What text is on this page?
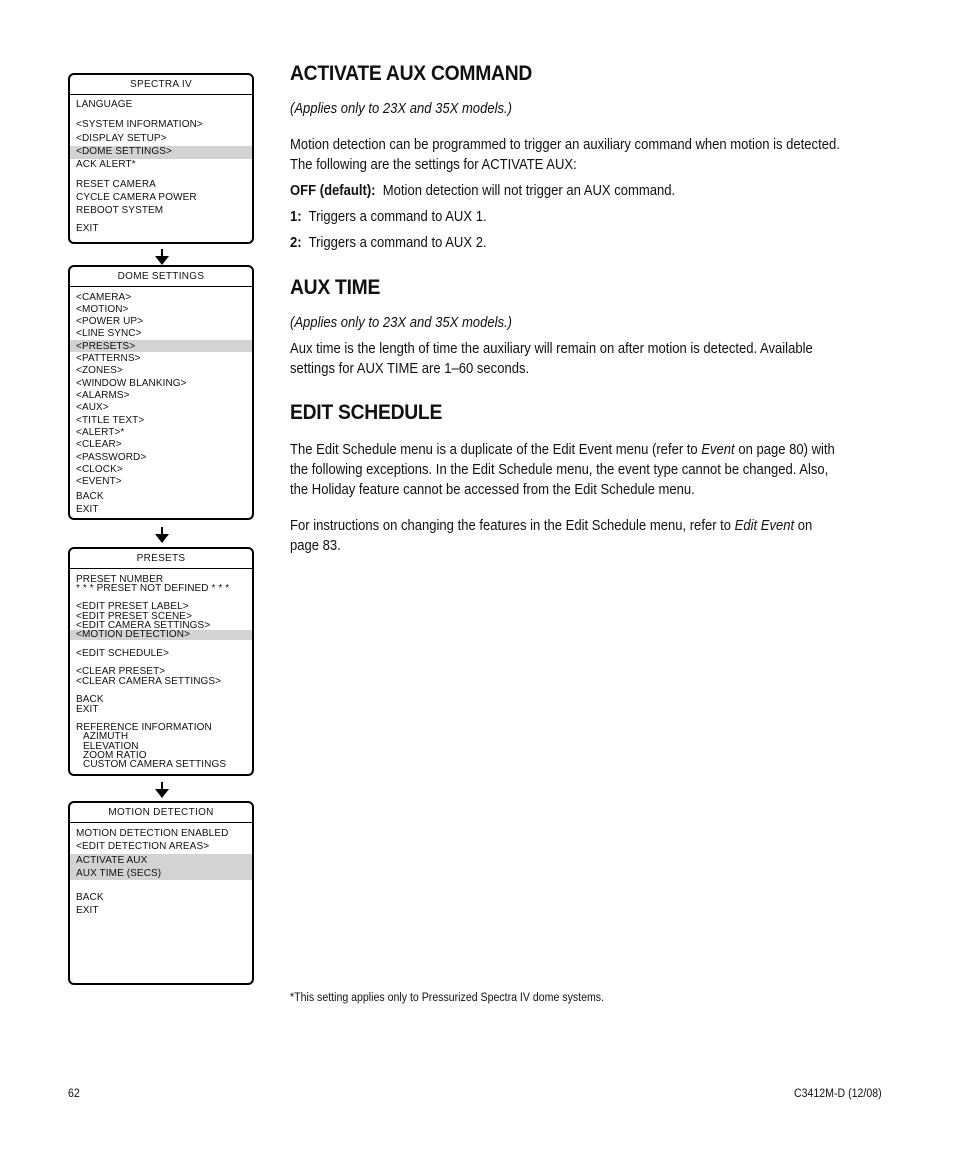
SPECTRA IV
LANGUAGE
<SYSTEM INFORMATION>
<DISPLAY SETUP>
<DOME SETTINGS>
ACK ALERT*
RESET CAMERA
CYCLE CAMERA POWER
REBOOT SYSTEM
EXIT
DOME SETTINGS
<CAMERA>
<MOTION>
<POWER UP>
<LINE SYNC>
<PRESETS>
<PATTERNS>
<ZONES>
<WINDOW BLANKING>
<ALARMS>
<AUX>
<TITLE TEXT>
<ALERT>*
<CLEAR>
<PASSWORD>
<CLOCK>
<EVENT>
BACK
EXIT
PRESETS
PRESET NUMBER
* * * PRESET NOT DEFINED * * *
<EDIT PRESET LABEL>
<EDIT PRESET SCENE>
<EDIT CAMERA SETTINGS>
<MOTION DETECTION>
<EDIT SCHEDULE>
<CLEAR PRESET>
<CLEAR CAMERA SETTINGS>
BACK
EXIT
REFERENCE INFORMATION
AZIMUTH
ELEVATION
ZOOM RATIO
CUSTOM CAMERA SETTINGS
MOTION DETECTION
MOTION DETECTION ENABLED
<EDIT DETECTION AREAS>
ACTIVATE AUX
AUX TIME (SECS)
BACK
EXIT
ACTIVATE AUX COMMAND

(Applies only to 23X and 35X models.)

Motion detection can be programmed to trigger an auxiliary command when motion is detected.
The following are the settings for ACTIVATE AUX:

OFF (default): Motion detection will not trigger an AUX command.

1: Triggers a command to AUX 1.

2: Triggers a command to AUX 2.

AUX TIME

(Applies only to 23X and 35X models.)

Aux time is the length of time the auxiliary will remain on after motion is detected. Available
settings for AUX TIME are 1–60 seconds.

EDIT SCHEDULE

The Edit Schedule menu is a duplicate of the Edit Event menu (refer to Event on page 80) with
the following exceptions. In the Edit Schedule menu, the event type cannot be changed. Also,
the Holiday feature cannot be accessed from the Edit Schedule menu.

For instructions on changing the features in the Edit Schedule menu, refer to Edit Event on
page 83.

*This setting applies only to Pressurized Spectra IV dome systems.
62	C3412M-D (12/08)
